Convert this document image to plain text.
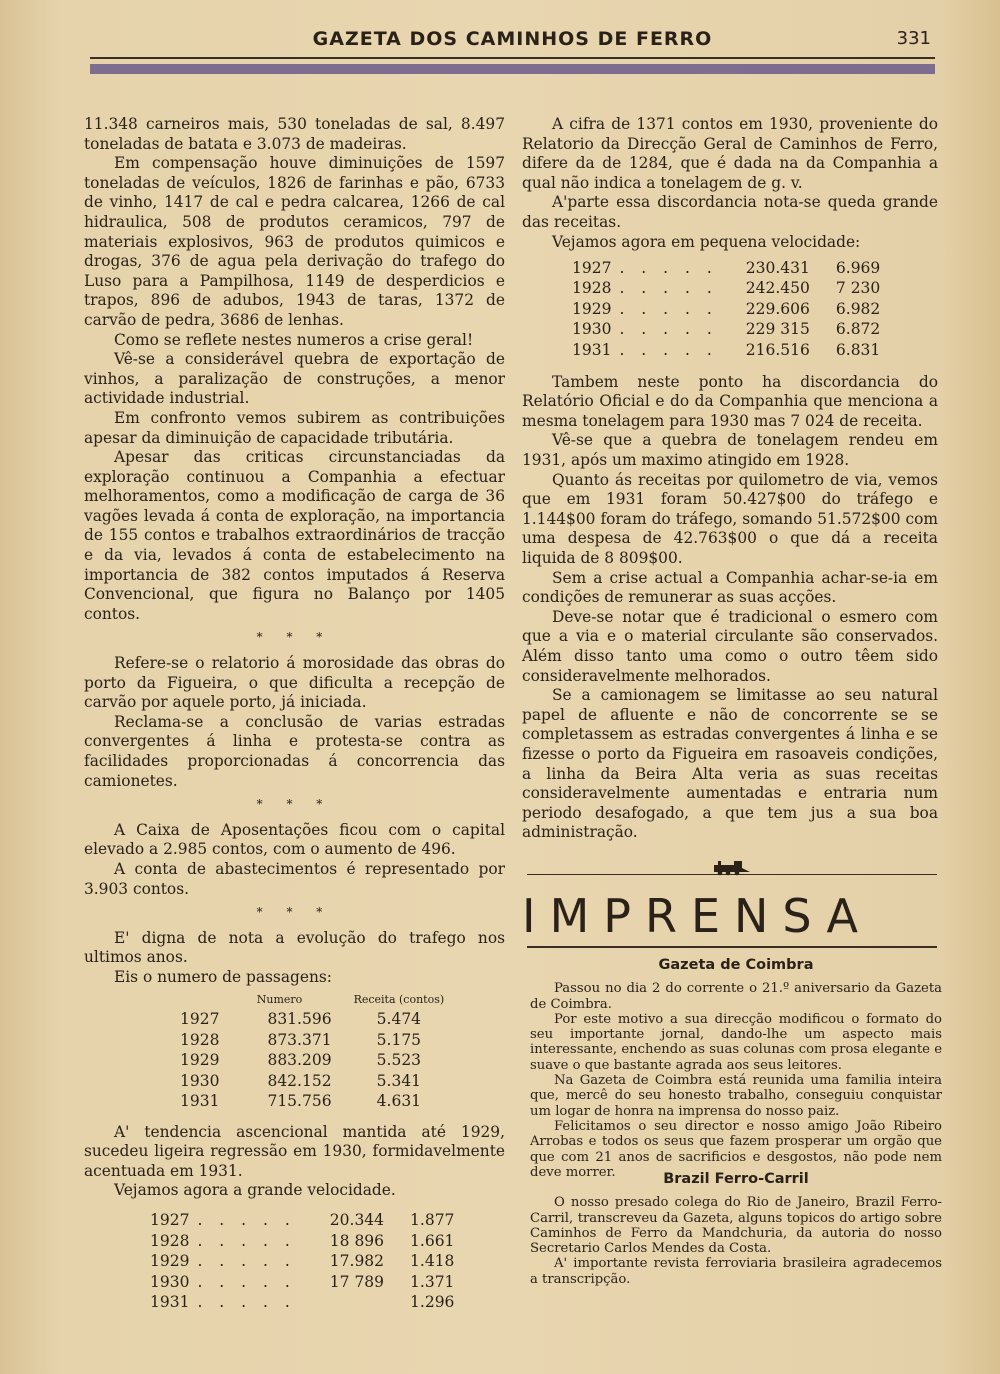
GAZETA DOS CAMINHOS DE FERRO	331

11.348 carneiros mais, 530 toneladas de sal, 8.497 toneladas de batata e 3.073 de madeiras.

Em compensação houve diminuições de 1597 toneladas de veículos, 1826 de farinhas e pão, 6733 de vinho, 1417 de cal e pedra calcarea, 1266 de cal hidraulica, 508 de produtos ceramicos, 797 de materiais explosivos, 963 de produtos quimicos e drogas, 376 de agua pela derivação do trafego do Luso para a Pampilhosa, 1149 de desperdicios e trapos, 896 de adubos, 1943 de taras, 1372 de carvão de pedra, 3686 de lenhas.

Como se reflete nestes numeros a crise geral!

Vê-se a considerável quebra de exportação de vinhos, a paralização de construções, a menor actividade industrial.

Em confronto vemos subirem as contribuições apesar da diminuição de capacidade tributária.

Apesar das criticas circunstanciadas da exploração continuou a Companhia a efectuar melhoramentos, como a modificação de carga de 36 vagões levada á conta de exploração, na importancia de 155 contos e trabalhos extraordinários de tracção e da via, levados á conta de estabelecimento na importancia de 382 contos imputados á Reserva Convencional, que figura no Balanço por 1405 contos.

* * *

Refere-se o relatorio á morosidade das obras do porto da Figueira, o que dificulta a recepção de carvão por aquele porto, já iniciada.

Reclama-se a conclusão de varias estradas convergentes á linha e protesta-se contra as facilidades proporcionadas á concorrencia das camionetes.

* * *

A Caixa de Aposentações ficou com o capital elevado a 2.985 contos, com o aumento de 496.

A conta de abastecimentos é representado por 3.903 contos.

* * *

E' digna de nota a evolução do trafego nos ultimos anos.

Eis o numero de passagens:

	Numero	Receita (contos)
1927	831.596	5.474
1928	873.371	5.175
1929	883.209	5.523
1930	842.152	5.341
1931	715.756	4.631

A' tendencia ascencional mantida até 1929, sucedeu ligeira regressão em 1930, formidavelmente acentuada em 1931.

Vejamos agora a grande velocidade.

1927	. . . . .	20.344	1.877
1928	. . . . .	18 896	1.661
1929	. . . . .	17.982	1.418
1930	. . . . .	17 789	1.371
1931	. . . . .		1.296

A cifra de 1371 contos em 1930, proveniente do Relatorio da Direcção Geral de Caminhos de Ferro, difere da de 1284, que é dada na da Companhia a qual não indica a tonelagem de g. v.

A'parte essa discordancia nota-se queda grande das receitas.

Vejamos agora em pequena velocidade:

1927	. . . . .	230.431	6.969
1928	. . . . .	242.450	7 230
1929	. . . . .	229.606	6.982
1930	. . . . .	229 315	6.872
1931	. . . . .	216.516	6.831

Tambem neste ponto ha discordancia do Relatório Oficial e do da Companhia que menciona a mesma tonelagem para 1930 mas 7 024 de receita.

Vê-se que a quebra de tonelagem rendeu em 1931, após um maximo atingido em 1928.

Quanto ás receitas por quilometro de via, vemos que em 1931 foram 50.427$00 do tráfego e 1.144$00 foram do tráfego, somando 51.572$00 com uma despesa de 42.763$00 o que dá a receita liquida de 8 809$00.

Sem a crise actual a Companhia achar-se-ia em condições de remunerar as suas acções.

Deve-se notar que é tradicional o esmero com que a via e o material circulante são conservados. Além disso tanto uma como o outro têem sido consideravelmente melhorados.

Se a camionagem se limitasse ao seu natural papel de afluente e não de concorrente se se completassem as estradas convergentes á linha e se fizesse o porto da Figueira em rasoaveis condições, a linha da Beira Alta veria as suas receitas consideravelmente aumentadas e entraria num periodo desafogado, a que tem jus a sua boa administração.

IMPRENSA
Gazeta de Coimbra

Passou no dia 2 do corrente o 21.º aniversario da Gazeta de Coimbra.

Por este motivo a sua direcção modificou o formato do seu importante jornal, dando-lhe um aspecto mais interessante, enchendo as suas colunas com prosa elegante e suave o que bastante agrada aos seus leitores.

Na Gazeta de Coimbra está reunida uma familia inteira que, mercê do seu honesto trabalho, conseguiu conquistar um logar de honra na imprensa do nosso paiz.

Felicitamos o seu director e nosso amigo João Ribeiro Arrobas e todos os seus que fazem prosperar um orgão que que com 21 anos de sacrificios e desgostos, não pode nem deve morrer.	Brazil Ferro-Carril

O nosso presado colega do Rio de Janeiro, Brazil Ferro-Carril, transcreveu da Gazeta, alguns topicos do artigo sobre Caminhos de Ferro da Mandchuria, da autoria do nosso Secretario Carlos Mendes da Costa.

A' importante revista ferroviaria brasileira agradecemos a transcripção.
